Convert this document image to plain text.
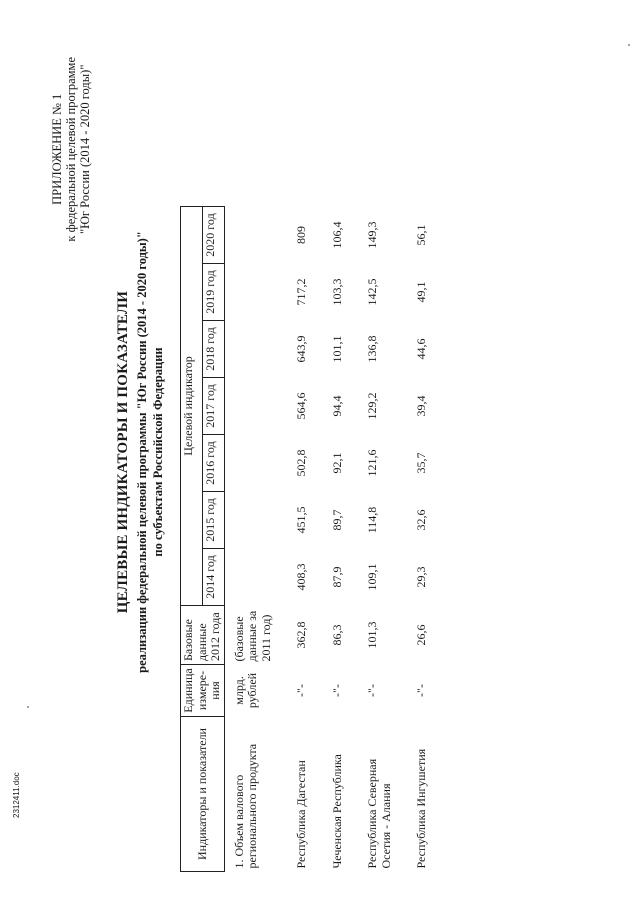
ПРИЛОЖЕНИЕ № 1 к федеральной целевой программе "Юг России (2014 - 2020 годы)"
ЦЕЛЕВЫЕ ИНДИКАТОРЫ И ПОКАЗАТЕЛИ реализации федеральной целевой программы "Юг России (2014 - 2020 годы)" по субъектам Российской Федерации
Индикаторы и показатели	Единица измере-ния	Базовые данные 2012 года	Целевой индикатор						
			2014 год	2015 год	2016 год	2017 год	2018 год	2019 год	2020 год
1. Объем валового регионального продукта	млрд. рублей	(базовые данные за 2011 год)							
Республика Дагестан	-"-	362,8	408,3	451,5	502,8	564,6	643,9	717,2	809
Чеченская Республика	-"-	86,3	87,9	89,7	92,1	94,4	101,1	103,3	106,4
Республика Северная Осетия - Алания	-"-	101,3	109,1	114,8	121,6	129,2	136,8	142,5	149,3
Республика Ингушетия	-"-	26,6	29,3	32,6	35,7	39,4	44,6	49,1	56,1
2312411.doc
